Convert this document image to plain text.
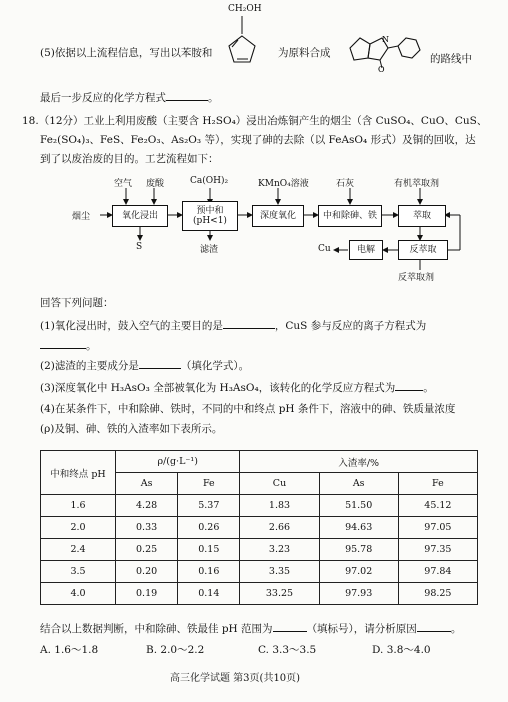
(5)依据以上流程信息，写出以苯胺和
CH₂OH
为原料合成
N
O
的路线中
最后一步反应的化学方程式	。
18.（12分）工业上利用废酸（主要含 H₂SO₄）浸出冶炼铜产生的烟尘（含 CuSO₄、CuO、CuS、
Fe₂(SO₄)₃、FeS、Fe₂O₃、As₂O₃ 等），实现了砷的去除（以 FeAsO₄ 形式）及铜的回收，达
到了以废治废的目的。工艺流程如下：
空气 废酸	Ca(OH)₂	KMnO₄溶液	石灰	有机萃取剂
烟尘	氧化浸出	预中和
(pH<1)	深度氧化	中和除砷、铁	萃取
反萃取
电解
S	滤渣	Cu
反萃取剂
回答下列问题：
(1)氧化浸出时，鼓入空气的主要目的是	，CuS 参与反应的离子方程式为
。
(2)滤渣的主要成分是	（填化学式）。
(3)深度氧化中 H₃AsO₃ 全部被氧化为 H₃AsO₄，该转化的化学反应方程式为	。
(4)在某条件下，中和除砷、铁时，不同的中和终点 pH 条件下，溶液中的砷、铁质量浓度
(ρ)及铜、砷、铁的入渣率如下表所示。
中和终点 pH	ρ/(g·L⁻¹)		入渣率/%		
	As	Fe	Cu	As	Fe
1.6	4.28	5.37	1.83	51.50	45.12
2.0	0.33	0.26	2.66	94.63	97.05
2.4	0.25	0.15	3.23	95.78	97.35
3.5	0.20	0.16	3.35	97.02	97.84
4.0	0.19	0.14	33.25	97.93	98.25
结合以上数据判断，中和除砷、铁最佳 pH 范围为	（填标号），请分析原因	。
A. 1.6～1.8	B. 2.0～2.2	C. 3.3～3.5	D. 3.8～4.0
高三化学试题 第3页(共10页)
